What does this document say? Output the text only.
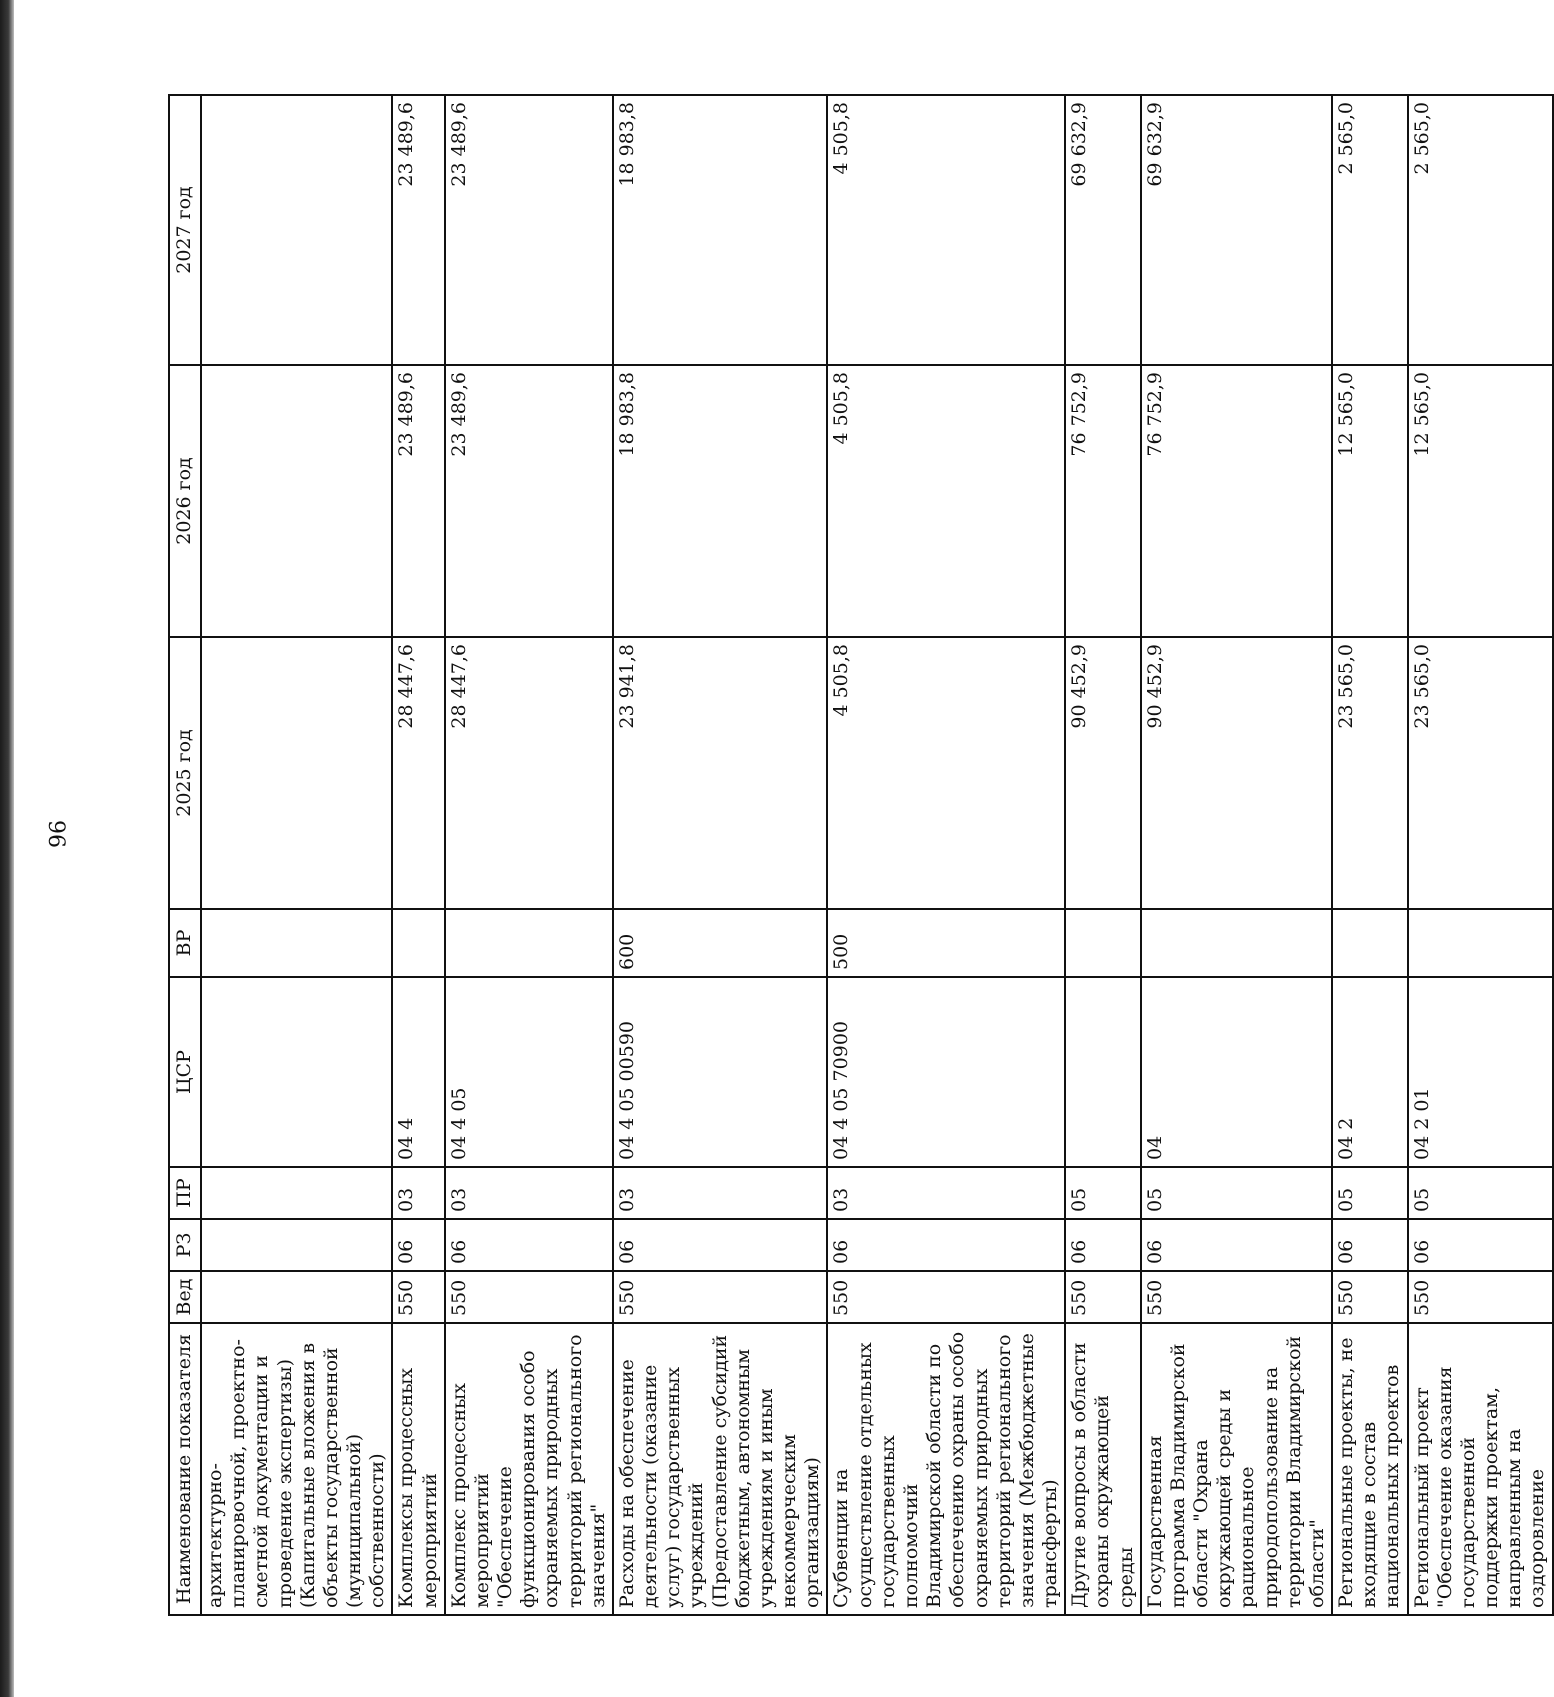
96
Наименование показателя	Вед	РЗ	ПР	ЦСР	ВР	2025 год	2026 год	2027 год
архитектурно-планировочной, проектно-сметной документации и проведение экспертизы) (Капитальные вложения в объекты государственной (муниципальной) собственности)								
Комплексы процессных мероприятий	550	06	03	04 4		28 447,6	23 489,6	23 489,6
Комплекс процессных мероприятий "Обеспечение функционирования особо охраняемых природных территорий регионального значения"	550	06	03	04 4 05		28 447,6	23 489,6	23 489,6
Расходы на обеспечение деятельности (оказание услуг) государственных учреждений (Предоставление субсидий бюджетным, автономным учреждениям и иным некоммерческим организациям)	550	06	03	04 4 05 00590	600	23 941,8	18 983,8	18 983,8
Субвенции на осуществление отдельных государственных полномочий Владимирской области по обеспечению охраны особо охраняемых природных территорий регионального значения (Межбюджетные трансферты)	550	06	03	04 4 05 70900	500	4 505,8	4 505,8	4 505,8
Другие вопросы в области охраны окружающей среды	550	06	05			90 452,9	76 752,9	69 632,9
Государственная программа Владимирской области "Охрана окружающей среды и рациональное природопользование на территории Владимирской области"	550	06	05	04		90 452,9	76 752,9	69 632,9
Региональные проекты, не входящие в состав национальных проектов	550	06	05	04 2		23 565,0	12 565,0	2 565,0
Региональный проект "Обеспечение оказания государственной поддержки проектам, направленным на оздоровление	550	06	05	04 2 01		23 565,0	12 565,0	2 565,0
